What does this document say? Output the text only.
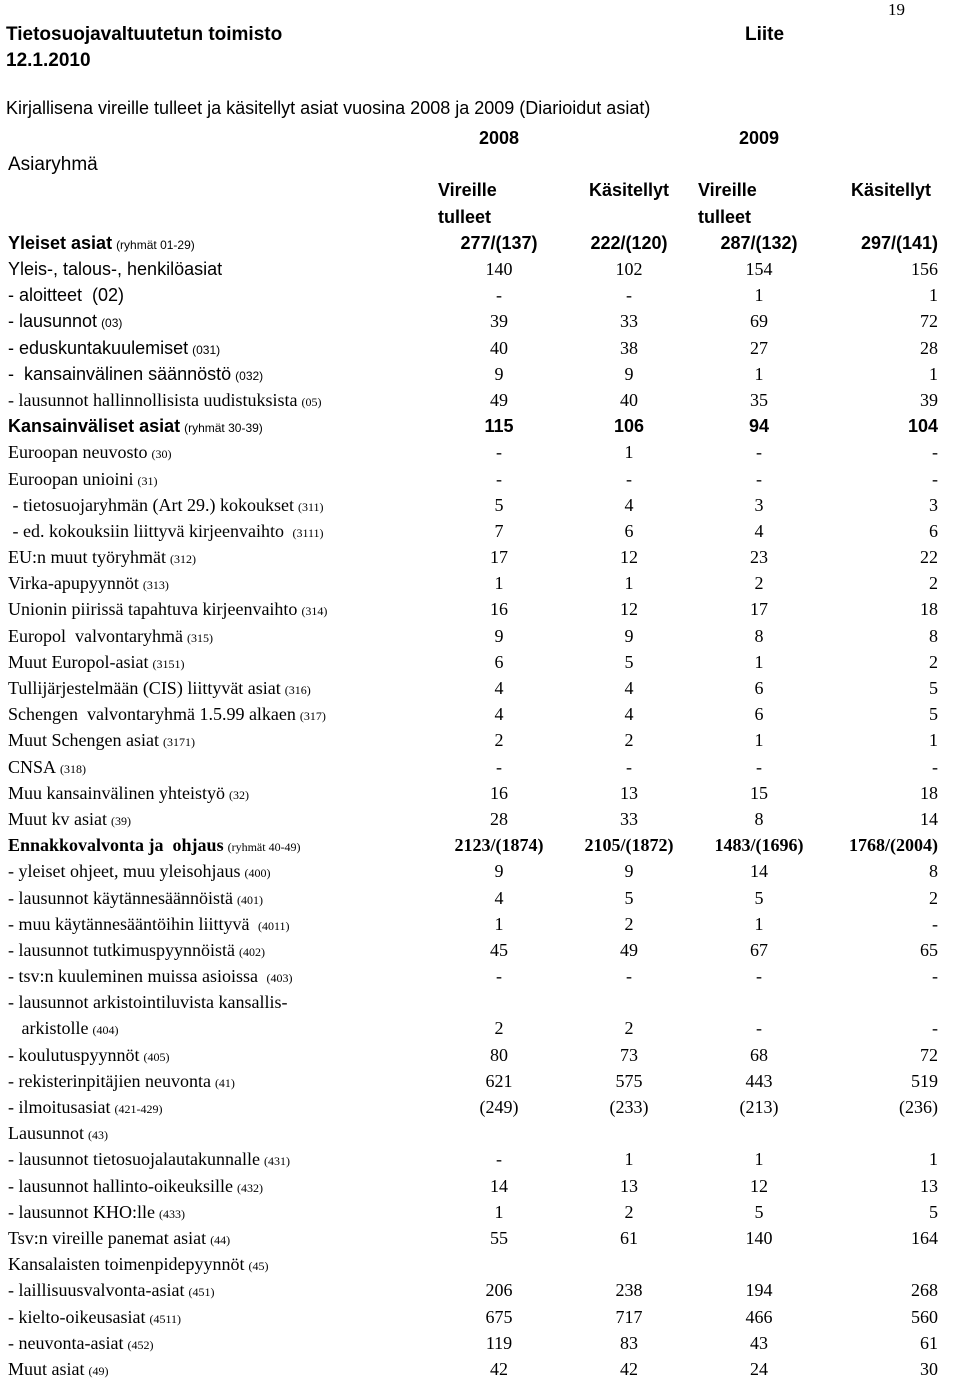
Tietosuojavaltuutetun toimisto
12.1.2010
Liite
19
Kirjallisena vireille tulleet ja käsitellyt asiat vuosina 2008 ja 2009 (Diarioidut asiat)
	2008		2009	
Asiaryhmä				
	Vireille	Käsitellyt	Vireille	Käsitellyt
	tulleet		tulleet	
Yleiset asiat (ryhmät 01-29)	277/(137)	222/(120)	287/(132)	297/(141)
Yleis-, talous-, henkilöasiat	140	102	154	156
- aloitteet  (02)	-	-	1	1
- lausunnot (03)	39	33	69	72
- eduskuntakuulemiset (031)	40	38	27	28
-  kansainvälinen säännöstö (032)	9	9	1	1
- lausunnot hallinnollisista uudistuksista (05)	49	40	35	39
Kansainväliset asiat (ryhmät 30-39)	115	106	94	104
Euroopan neuvosto (30)	-	1	-	-
Euroopan unioini (31)	-	-	-	-
- tietosuojaryhmän (Art 29.) kokoukset (311)	5	4	3	3
- ed. kokouksiin liittyvä kirjeenvaihto (3111)	7	6	4	6
EU:n muut työryhmät (312)	17	12	23	22
Virka-apupyynnöt (313)	1	1	2	2
Unionin piirissä tapahtuva kirjeenvaihto (314)	16	12	17	18
Europol  valvontaryhmä (315)	9	9	8	8
Muut Europol-asiat (3151)	6	5	1	2
Tullijärjestelmään (CIS) liittyvät asiat (316)	4	4	6	5
Schengen  valvontaryhmä 1.5.99 alkaen (317)	4	4	6	5
Muut Schengen asiat (3171)	2	2	1	1
CNSA (318)	-	-	-	-
Muu kansainvälinen yhteistyö (32)	16	13	15	18
Muut kv asiat (39)	28	33	8	14
Ennakkovalvonta ja  ohjaus (ryhmät 40-49)	2123/(1874)	2105/(1872)	1483/(1696)	1768/(2004)
- yleiset ohjeet, muu yleisohjaus (400)	9	9	14	8
- lausunnot käytännesäännöistä (401)	4	5	5	2
- muu käytännesääntöihin liittyvä (4011)	1	2	1	-
- lausunnot tutkimuspyynnöistä (402)	45	49	67	65
- tsv:n kuuleminen muissa asioissa (403)	-	-	-	-
- lausunnot arkistointiluvista kansallis-				
arkistolle (404)	2	2	-	-
- koulutuspyynnöt (405)	80	73	68	72
- rekisterinpitäjien neuvonta (41)	621	575	443	519
- ilmoitusasiat (421-429)	(249)	(233)	(213)	(236)
Lausunnot (43)				
- lausunnot tietosuojalautakunnalle (431)	-	1	1	1
- lausunnot hallinto-oikeuksille (432)	14	13	12	13
- lausunnot KHO:lle (433)	1	2	5	5
Tsv:n vireille panemat asiat (44)	55	61	140	164
Kansalaisten toimenpidepyynnöt (45)				
- laillisuusvalvonta-asiat (451)	206	238	194	268
- kielto-oikeusasiat (4511)	675	717	466	560
- neuvonta-asiat (452)	119	83	43	61
Muut asiat (49)	42	42	24	30
